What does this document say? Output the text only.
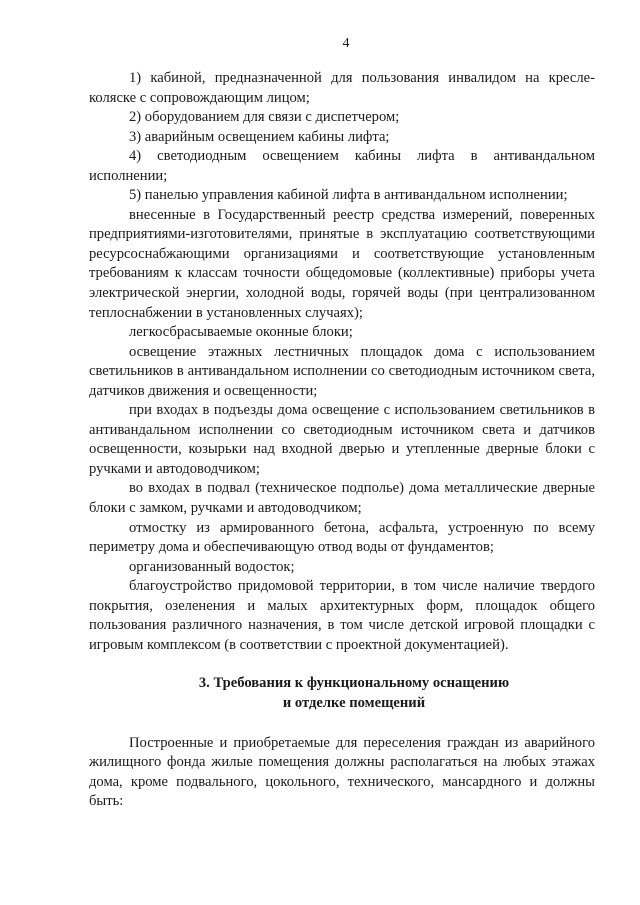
4

1) кабиной, предназначенной для пользования инвалидом на кресле-коляске с сопровождающим лицом;

2) оборудованием для связи с диспетчером;

3) аварийным освещением кабины лифта;

4) светодиодным освещением кабины лифта в антивандальном исполнении;

5) панелью управления кабиной лифта в антивандальном исполнении;

внесенные в Государственный реестр средства измерений, поверенных предприятиями-изготовителями, принятые в эксплуатацию соответствующими ресурсоснабжающими организациями и соответствующие установленным требованиям к классам точности общедомовые (коллективные) приборы учета электрической энергии, холодной воды, горячей воды (при централизованном теплоснабжении в установленных случаях);

легкосбрасываемые оконные блоки;

освещение этажных лестничных площадок дома с использованием светильников в антивандальном исполнении со светодиодным источником света, датчиков движения и освещенности;

при входах в подъезды дома освещение с использованием светильников в антивандальном исполнении со светодиодным источником света и датчиков освещенности, козырьки над входной дверью и утепленные дверные блоки с ручками и автодоводчиком;

во входах в подвал (техническое подполье) дома металлические дверные блоки с замком, ручками и автодоводчиком;

отмостку из армированного бетона, асфальта, устроенную по всему периметру дома и обеспечивающую отвод воды от фундаментов;

организованный водосток;

благоустройство придомовой территории, в том числе наличие твердого покрытия, озеленения и малых архитектурных форм, площадок общего пользования различного назначения, в том числе детской игровой площадки с игровым комплексом (в соответствии с проектной документацией).

3. Требования к функциональному оснащению
и отделке помещений

Построенные и приобретаемые для переселения граждан из аварийного жилищного фонда жилые помещения должны располагаться на любых этажах дома, кроме подвального, цокольного, технического, мансардного и должны быть:
